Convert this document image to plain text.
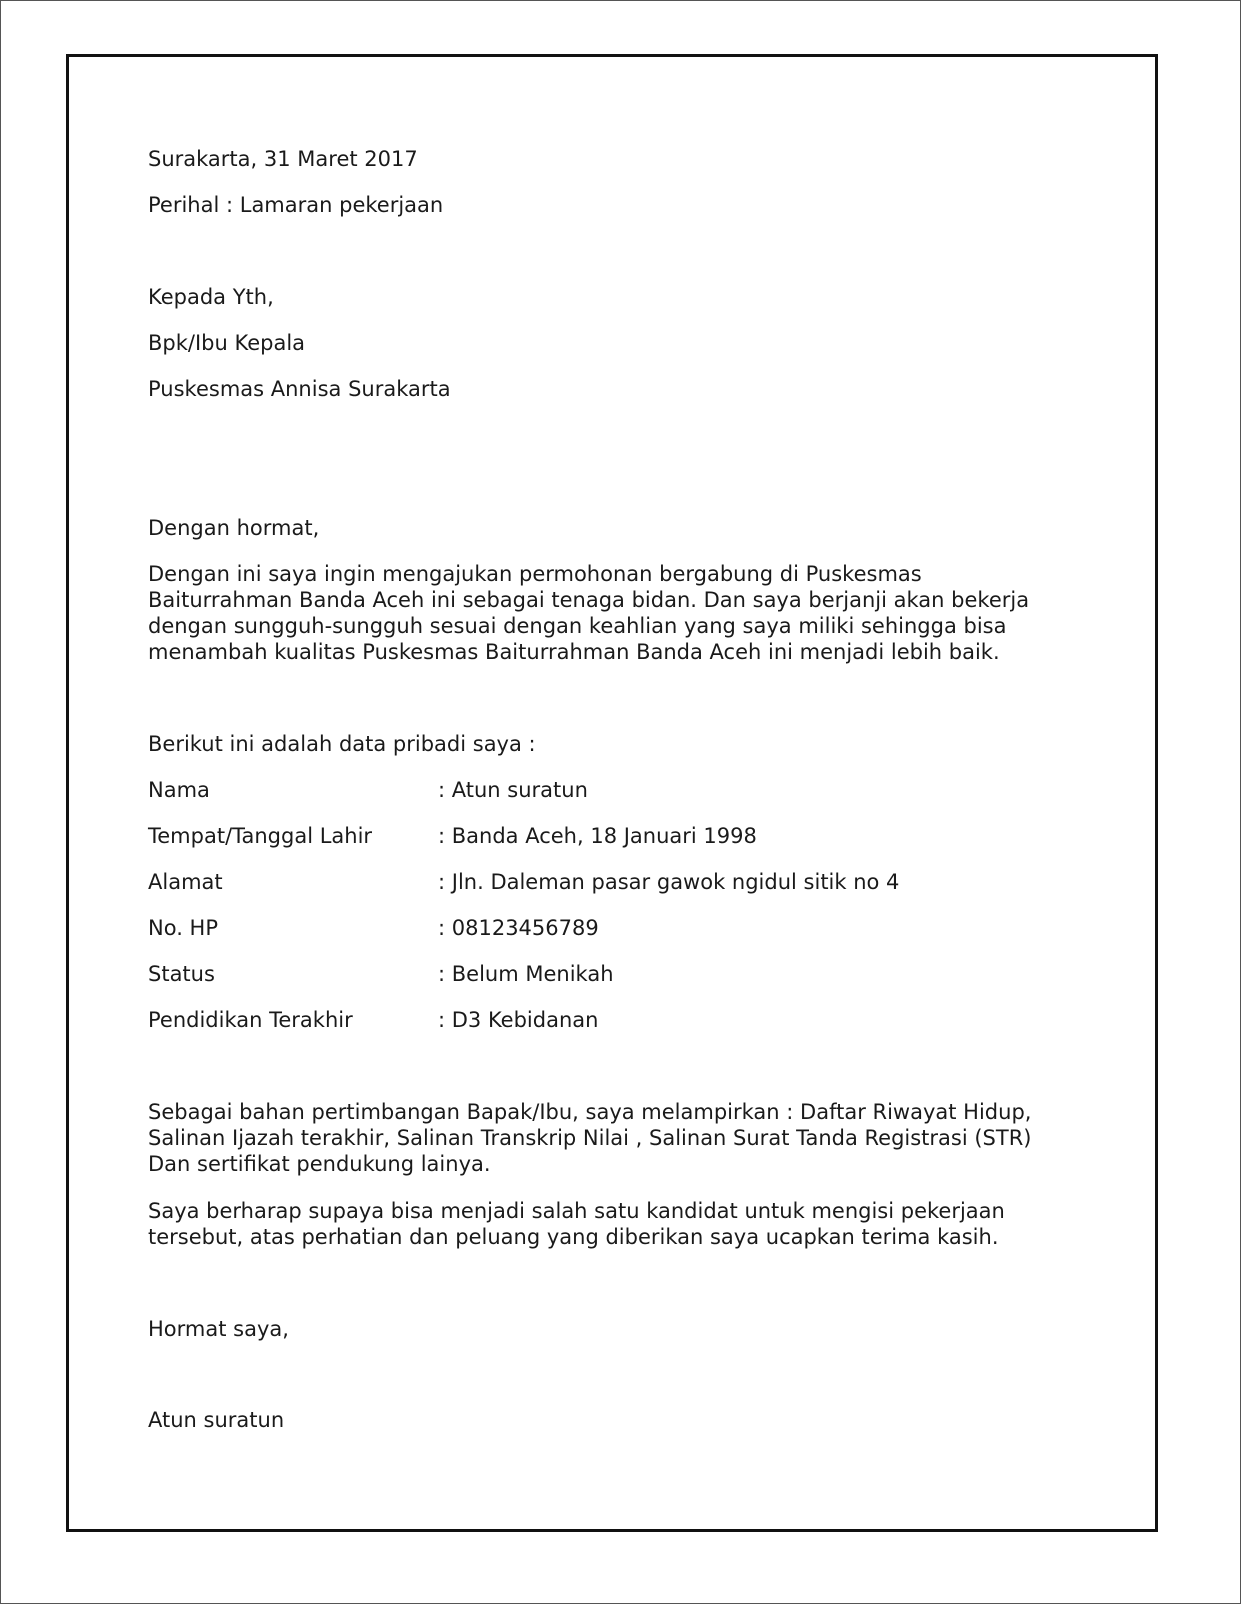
Surakarta, 31 Maret 2017
Perihal : Lamaran pekerjaan
Kepada Yth,
Bpk/Ibu Kepala
Puskesmas Annisa Surakarta
Dengan hormat,
Dengan ini saya ingin mengajukan permohonan bergabung di Puskesmas
Baiturrahman Banda Aceh ini sebagai tenaga bidan. Dan saya berjanji akan bekerja
dengan sungguh-sungguh sesuai dengan keahlian yang saya miliki sehingga bisa
menambah kualitas Puskesmas Baiturrahman Banda Aceh ini menjadi lebih baik.
Berikut ini adalah data pribadi saya :
Nama	: Atun suratun
Tempat/Tanggal Lahir	: Banda Aceh, 18 Januari 1998
Alamat	: Jln. Daleman pasar gawok ngidul sitik no 4
No. HP	: 08123456789
Status	: Belum Menikah
Pendidikan Terakhir	: D3 Kebidanan
Sebagai bahan pertimbangan Bapak/Ibu, saya melampirkan : Daftar Riwayat Hidup,
Salinan Ijazah terakhir, Salinan Transkrip Nilai , Salinan Surat Tanda Registrasi (STR)
Dan sertifikat pendukung lainya.
Saya berharap supaya bisa menjadi salah satu kandidat untuk mengisi pekerjaan
tersebut, atas perhatian dan peluang yang diberikan saya ucapkan terima kasih.
Hormat saya,
Atun suratun
